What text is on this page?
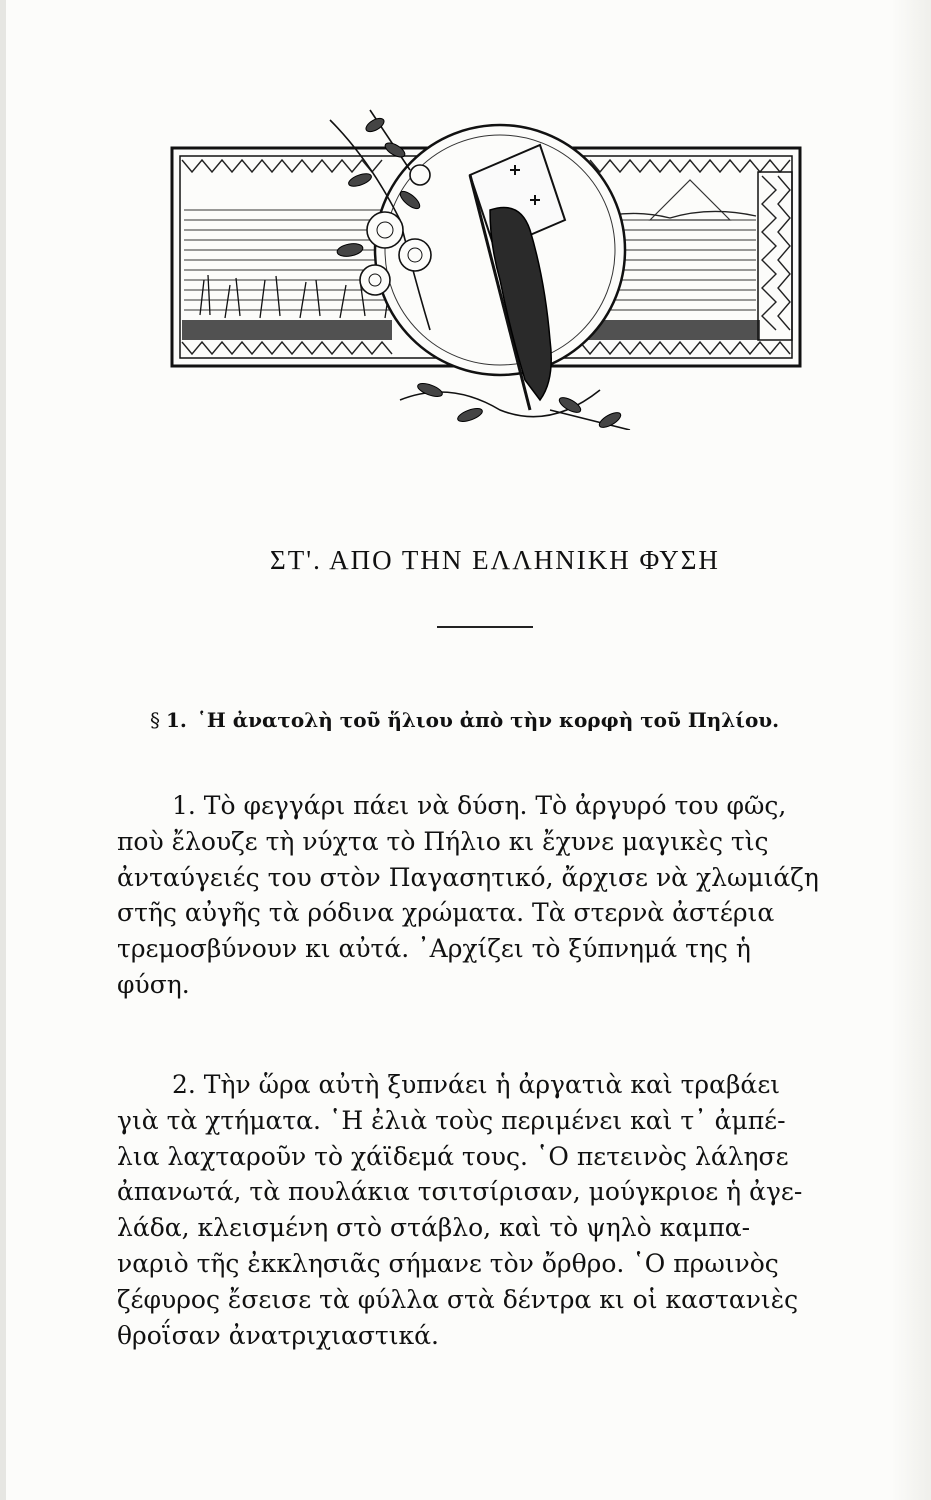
ΣΤ'. ΑΠΟ ΤΗΝ ΕΛΛΗΝΙΚΗ ΦΥΣΗ
§ 1. ῾Η ἀνατολὴ τοῦ ἥλιου ἀπὸ τὴν κορφὴ τοῦ Πηλίου.
1. Τὸ φεγγάρι πάει νὰ δύση. Τὸ ἀργυρό του φῶς,
ποὺ ἔλουζε τὴ νύχτα τὸ Πήλιο κι ἔχυνε μαγικὲς τὶς
ἀνταύγειές του στὸν Παγασητικό, ἄρχισε νὰ χλωμιάζη
στῆς αὐγῆς τὰ ρόδινα χρώματα. Τὰ στερνὰ ἀστέρια
τρεμοσβύνουν κι αὐτά. ᾿Αρχίζει τὸ ξύπνημά της ἡ
φύση.
2. Τὴν ὥρα αὐτὴ ξυπνάει ἡ ἀργατιὰ καὶ τραβάει
γιὰ τὰ χτήματα. ῾Η ἐλιὰ τοὺς περιμένει καὶ τ᾿ ἀμπέ-
λια λαχταροῦν τὸ χάϊδεμά τους. ῾Ο πετεινὸς λάλησε
ἀπανωτά, τὰ πουλάκια τσιτσίρισαν, μούγκριοε ἡ ἀγε-
λάδα, κλεισμένη στὸ στάβλο, καὶ τὸ ψηλὸ καμπα-
ναριὸ τῆς ἐκκλησιᾶς σήμανε τὸν ὄρθρο. ῾Ο πρωινὸς
ζέφυρος ἔσεισε τὰ φύλλα στὰ δέντρα κι οἱ καστανιὲς
θροΐσαν ἀνατριχιαστικά.
